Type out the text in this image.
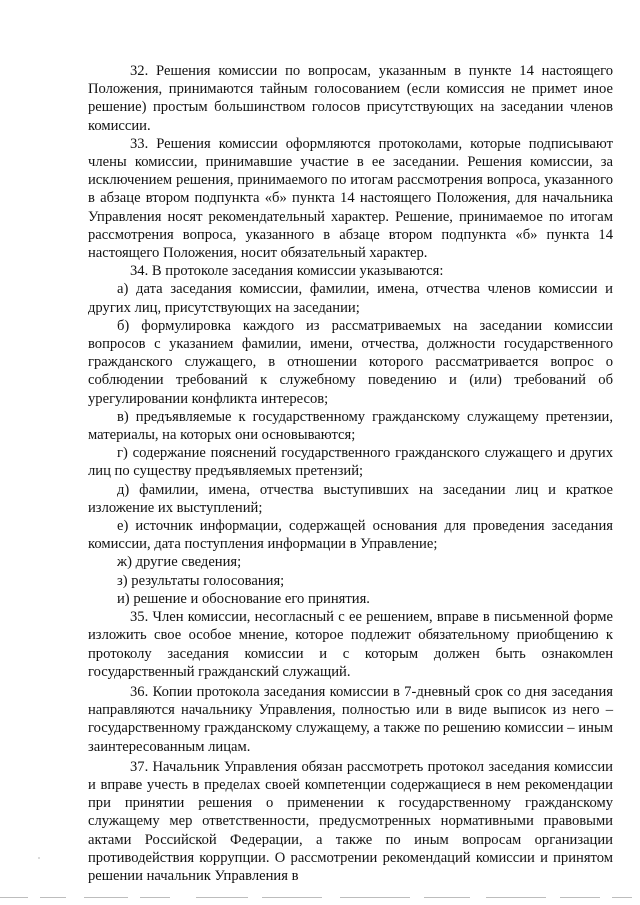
32. Решения комиссии по вопросам, указанным в пункте 14 настоящего Положения, принимаются тайным голосованием (если комиссия не примет иное решение) простым большинством голосов присутствующих на заседании членов комиссии.

33. Решения комиссии оформляются протоколами, которые подписывают члены комиссии, принимавшие участие в ее заседании. Решения комиссии, за исключением решения, принимаемого по итогам рассмотрения вопроса, указанного в абзаце втором подпункта «б» пункта 14 настоящего Положения, для начальника Управления носят рекомендательный характер. Решение, принимаемое по итогам рассмотрения вопроса, указанного в абзаце втором подпункта «б» пункта 14 настоящего Положения, носит обязательный характер.

34. В протоколе заседания комиссии указываются:

а) дата заседания комиссии, фамилии, имена, отчества членов комиссии и других лиц, присутствующих на заседании;

б) формулировка каждого из рассматриваемых на заседании комиссии вопросов с указанием фамилии, имени, отчества, должности государственного гражданского служащего, в отношении которого рассматривается вопрос о соблюдении требований к служебному поведению и (или) требований об урегулировании конфликта интересов;

в) предъявляемые к государственному гражданскому служащему претензии, материалы, на которых они основываются;

г) содержание пояснений государственного гражданского служащего и других лиц по существу предъявляемых претензий;

д) фамилии, имена, отчества выступивших на заседании лиц и краткое изложение их выступлений;

е) источник информации, содержащей основания для проведения заседания комиссии, дата поступления информации в Управление;

ж) другие сведения;

з) результаты голосования;

и) решение и обоснование его принятия.

35. Член комиссии, несогласный с ее решением, вправе в письменной форме изложить свое особое мнение, которое подлежит обязательному приобщению к протоколу заседания комиссии и с которым должен быть ознакомлен государственный гражданский служащий.

36. Копии протокола заседания комиссии в 7-дневный срок со дня заседания направляются начальнику Управления, полностью или в виде выписок из него – государственному гражданскому служащему, а также по решению комиссии – иным заинтересованным лицам.

37. Начальник Управления обязан рассмотреть протокол заседания комиссии и вправе учесть в пределах своей компетенции содержащиеся в нем рекомендации при принятии решения о применении к государственному гражданскому служащему мер ответственности, предусмотренных нормативными правовыми актами Российской Федерации, а также по иным вопросам организации противодействия коррупции. О рассмотрении рекомендаций комиссии и принятом решении начальник Управления в
